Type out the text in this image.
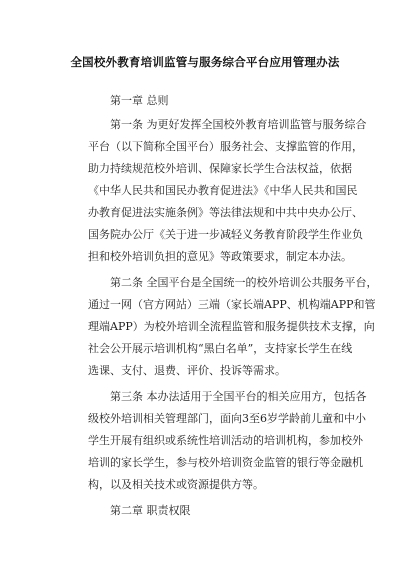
全国校外教育培训监管与服务综合平台应用管理办法
第一章 总则
第一条 为更好发挥全国校外教育培训监管与服务综合
平台（以下简称全国平台）服务社会、支撑监管的作用，
助力持续规范校外培训、保障家长学生合法权益，依据
《中华人民共和国民办教育促进法》《中华人民共和国民
办教育促进法实施条例》等法律法规和中共中央办公厅、
国务院办公厅《关于进一步减轻义务教育阶段学生作业负
担和校外培训负担的意见》等政策要求，制定本办法。
第二条 全国平台是全国统一的校外培训公共服务平台，
通过一网（官方网站）三端（家长端APP、机构端APP和管
理端APP）为校外培训全流程监管和服务提供技术支撑，向
社会公开展示培训机构“黑白名单”，支持家长学生在线
选课、支付、退费、评价、投诉等需求。
第三条 本办法适用于全国平台的相关应用方，包括各
级校外培训相关管理部门，面向3至6岁学龄前儿童和中小
学生开展有组织或系统性培训活动的培训机构，参加校外
培训的家长学生，参与校外培训资金监管的银行等金融机
构，以及相关技术或资源提供方等。
第二章 职责权限
